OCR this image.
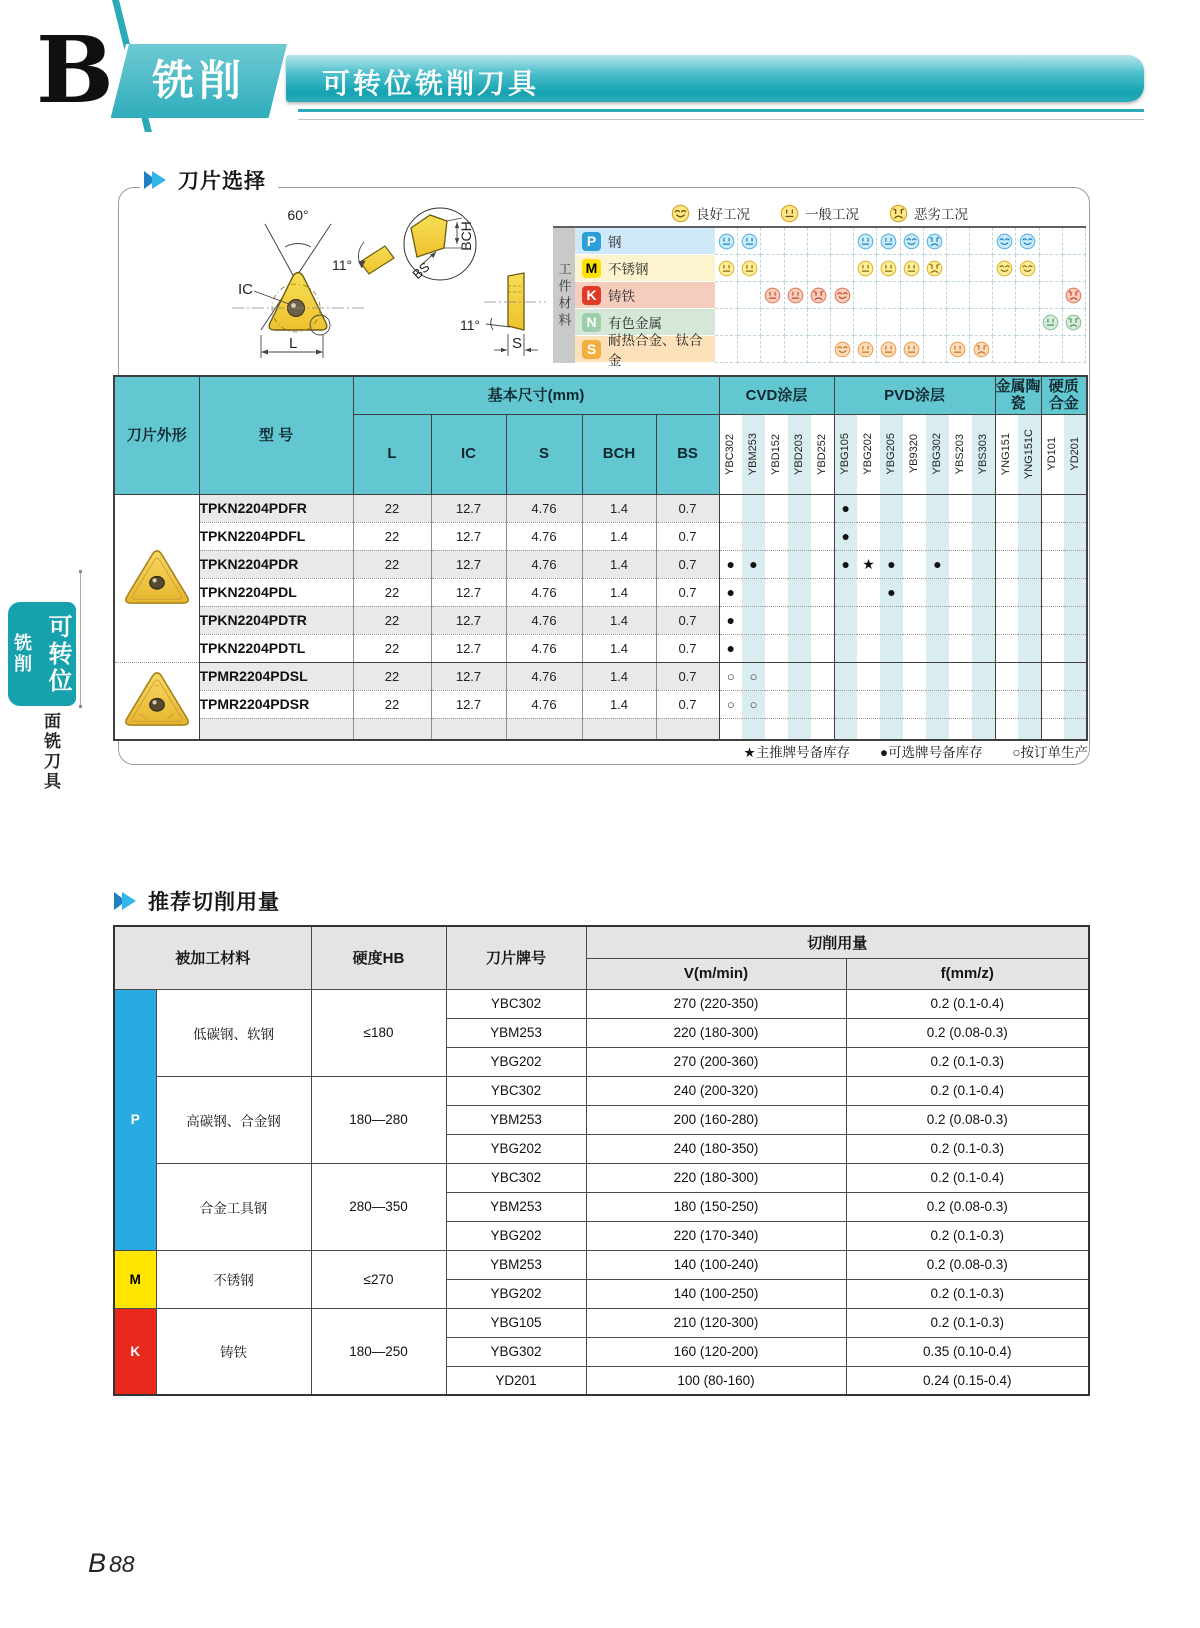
B 铣削	可转位铣削刀具
刀片选择
60°
IC
L
11°
BCH
BS
11°
S
良好工况	一般工况	恶劣工况
工件材料
P 钢
M 不锈钢
K 铸铁
N 有色金属
S
耐热合金、钛合金
刀片外形	型 号	基本尺寸(mm)					CVD涂层					PVD涂层							金属陶瓷		硬质合金	
		L	IC	S	BCH	BS	YBC302	YBM253	YBD152	YBD203	YBD252	YBG105	YBG202	YBG205	YB9320	YBG302	YBS203	YBS303	YNG151	YNG151C	YD101	YD201

	TPKN2204PDFR	22	12.7	4.76	1.4	0.7						●										
	TPKN2204PDFL	22	12.7	4.76	1.4	0.7						●										
	TPKN2204PDR	22	12.7	4.76	1.4	0.7	●	●				●	★	●		●						
	TPKN2204PDL	22	12.7	4.76	1.4	0.7	●							●								
	TPKN2204PDTR	22	12.7	4.76	1.4	0.7	●															
	TPKN2204PDTL	22	12.7	4.76	1.4	0.7	●															
	TPMR2204PDSL	22	12.7	4.76	1.4	0.7	○	○														
	TPMR2204PDSR	22	12.7	4.76	1.4	0.7	○	○														

★主推牌号备库存 ●可选牌号备库存 ○按订单生产
推荐切削用量
被加工材料		硬度HB	刀片牌号	切削用量	
				V(m/min)	f(mm/z)
P	低碳钢、软钢	≤180	YBC302	270 (220-350)	0.2 (0.1-0.4)
			YBM253	220 (180-300)	0.2 (0.08-0.3)
			YBG202	270 (200-360)	0.2 (0.1-0.3)
	高碳钢、合金钢	180—280	YBC302	240 (200-320)	0.2 (0.1-0.4)
			YBM253	200 (160-280)	0.2 (0.08-0.3)
			YBG202	240 (180-350)	0.2 (0.1-0.3)
	合金工具钢	280—350	YBC302	220 (180-300)	0.2 (0.1-0.4)
			YBM253	180 (150-250)	0.2 (0.08-0.3)
			YBG202	220 (170-340)	0.2 (0.1-0.3)
M	不锈钢	≤270	YBM253	140 (100-240)	0.2 (0.08-0.3)
			YBG202	140 (100-250)	0.2 (0.1-0.3)
K	铸铁	180—250	YBG105	210 (120-300)	0.2 (0.1-0.3)
			YBG302	160 (120-200)	0.35 (0.10-0.4)
			YD201	100 (80-160)	0.24 (0.15-0.4)
铣削 可转位
面铣刀具
B 88
